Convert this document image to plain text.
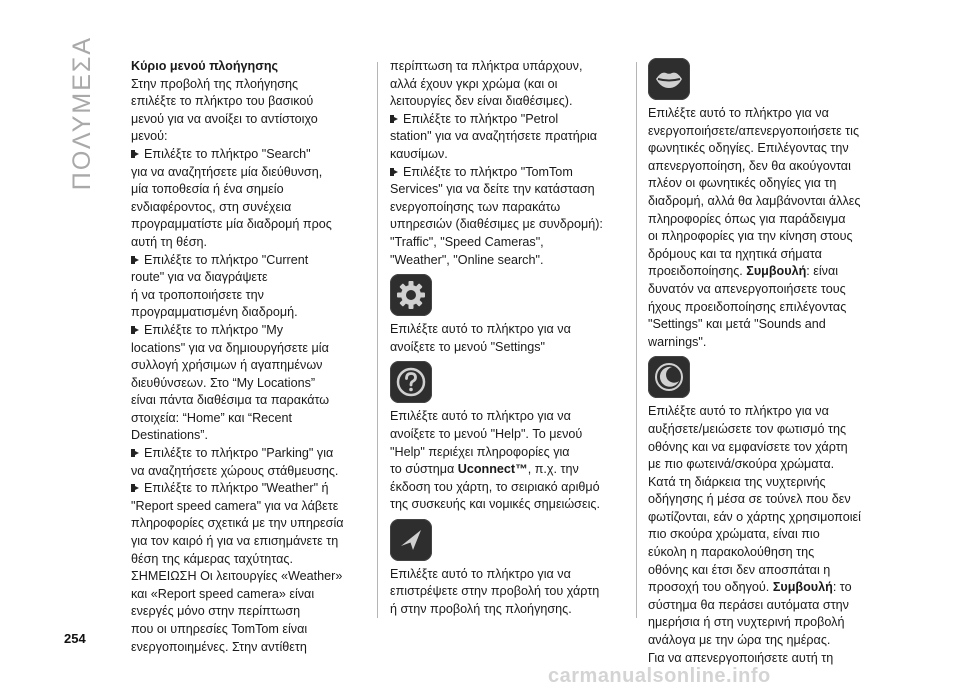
ΠΟΛΥΜΕΣΑ
254
Κύριο μενού πλοήγησης

Στην προβολή της πλοήγησης
επιλέξτε το πλήκτρο του βασικού
μενού για να ανοίξει το αντίστοιχο
μενού:

Επιλέξτε το πλήκτρο "Search"
για να αναζητήσετε μία διεύθυνση,
μία τοποθεσία ή ένα σημείο
ενδιαφέροντος, στη συνέχεια
προγραμματίστε μία διαδρομή προς
αυτή τη θέση.

Επιλέξτε το πλήκτρο "Current
route" για να διαγράψετε
ή να τροποποιήσετε την
προγραμματισμένη διαδρομή.

Επιλέξτε το πλήκτρο "My
locations" για να δημιουργήσετε μία
συλλογή χρήσιμων ή αγαπημένων
διευθύνσεων. Στο “My Locations”
είναι πάντα διαθέσιμα τα παρακάτω
στοιχεία: “Home” και “Recent
Destinations”.

Επιλέξτε το πλήκτρο "Parking" για
να αναζητήσετε χώρους στάθμευσης.

Επιλέξτε το πλήκτρο "Weather" ή
"Report speed camera" για να λάβετε
πληροφορίες σχετικά με την υπηρεσία
για τον καιρό ή για να επισημάνετε τη
θέση της κάμερας ταχύτητας.

ΣΗΜΕΙΩΣΗ Οι λειτουργίες «Weather»
και «Report speed camera» είναι
ενεργές μόνο στην περίπτωση
που οι υπηρεσίες TomTom είναι
ενεργοποιημένες. Στην αντίθετη

περίπτωση τα πλήκτρα υπάρχουν,
αλλά έχουν γκρι χρώμα (και οι
λειτουργίες δεν είναι διαθέσιμες).

Επιλέξτε το πλήκτρο "Petrol
station" για να αναζητήσετε πρατήρια
καυσίμων.

Επιλέξτε το πλήκτρο "TomTom
Services" για να δείτε την κατάσταση
ενεργοποίησης των παρακάτω
υπηρεσιών (διαθέσιμες με συνδρομή):
"Traffic", "Speed Cameras",
"Weather", "Online search".

Επιλέξτε αυτό το πλήκτρο για να
ανοίξετε το μενού "Settings"

Επιλέξτε αυτό το πλήκτρο για να
ανοίξετε το μενού "Help". Το μενού
"Help" περιέχει πληροφορίες για
το σύστημα Uconnect™, π.χ. την
έκδοση του χάρτη, το σειριακό αριθμό
της συσκευής και νομικές σημειώσεις.

Επιλέξτε αυτό το πλήκτρο για να
επιστρέψετε στην προβολή του χάρτη
ή στην προβολή της πλοήγησης.

Επιλέξτε αυτό το πλήκτρο για να
ενεργοποιήσετε/απενεργοποιήσετε τις
φωνητικές οδηγίες. Επιλέγοντας την
απενεργοποίηση, δεν θα ακούγονται
πλέον οι φωνητικές οδηγίες για τη
διαδρομή, αλλά θα λαμβάνονται άλλες
πληροφορίες όπως για παράδειγμα
οι πληροφορίες για την κίνηση στους
δρόμους και τα ηχητικά σήματα
προειδοποίησης. Συμβουλή: είναι
δυνατόν να απενεργοποιήσετε τους
ήχους προειδοποίησης επιλέγοντας
"Settings" και μετά "Sounds and
warnings".

Επιλέξτε αυτό το πλήκτρο για να
αυξήσετε/μειώσετε τον φωτισμό της
οθόνης και να εμφανίσετε τον χάρτη
με πιο φωτεινά/σκούρα χρώματα.
Κατά τη διάρκεια της νυχτερινής
οδήγησης ή μέσα σε τούνελ που δεν
φωτίζονται, εάν ο χάρτης χρησιμοποιεί
πιο σκούρα χρώματα, είναι πιο
εύκολη η παρακολούθηση της
οθόνης και έτσι δεν αποσπάται η
προσοχή του οδηγού. Συμβουλή: το
σύστημα θα περάσει αυτόματα στην
ημερήσια ή στη νυχτερινή προβολή
ανάλογα με την ώρα της ημέρας.
Για να απενεργοποιήσετε αυτή τη

carmanualsonline.info
